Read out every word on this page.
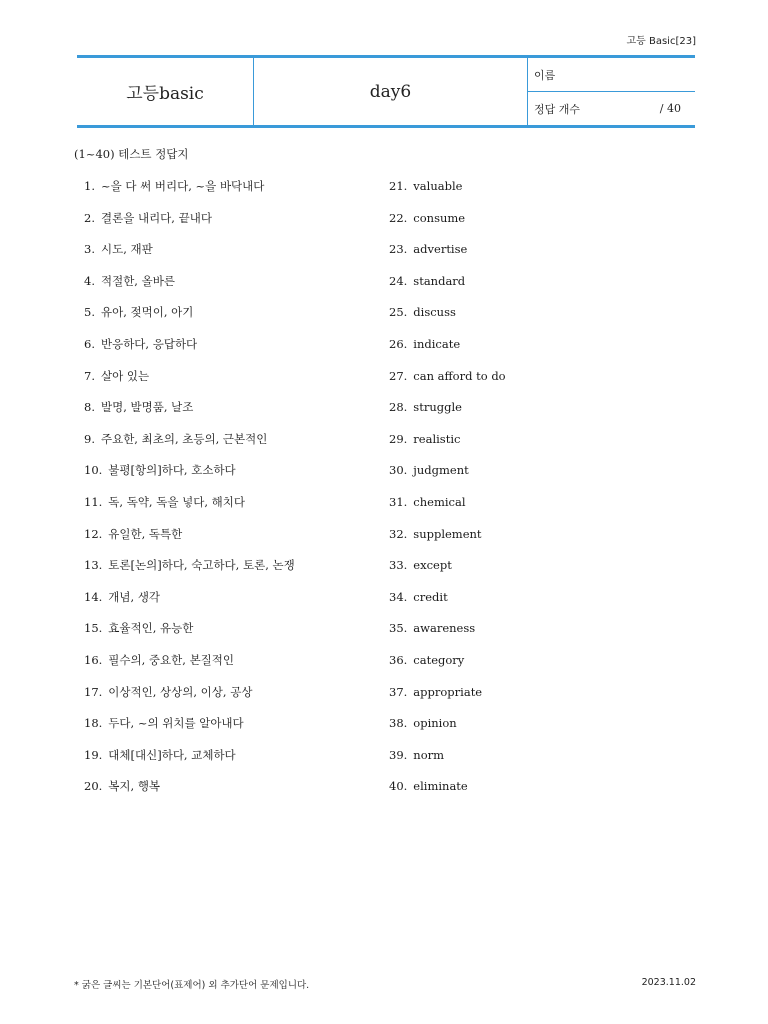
고등 Basic[23]
고등basic	day6
이름
정답 개수	/ 40
(1~40) 테스트 정답지
1. ~을 다 써 버리다, ~을 바닥내다
2. 결론을 내리다, 끝내다
3. 시도, 재판
4. 적절한, 올바른
5. 유아, 젖먹이, 아기
6. 반응하다, 응답하다
7. 살아 있는
8. 발명, 발명품, 날조
9. 주요한, 최초의, 초등의, 근본적인
10. 불평[항의]하다, 호소하다
11. 독, 독약, 독을 넣다, 해치다
12. 유일한, 독특한
13. 토론[논의]하다, 숙고하다, 토론, 논쟁
14. 개념, 생각
15. 효율적인, 유능한
16. 필수의, 중요한, 본질적인
17. 이상적인, 상상의, 이상, 공상
18. 두다, ~의 위치를 알아내다
19. 대체[대신]하다, 교체하다
20. 복지, 행복
21. valuable
22. consume
23. advertise
24. standard
25. discuss
26. indicate
27. can afford to do
28. struggle
29. realistic
30. judgment
31. chemical
32. supplement
33. except
34. credit
35. awareness
36. category
37. appropriate
38. opinion
39. norm
40. eliminate
* 굵은 글씨는 기본단어(표제어) 외 추가단어 문제입니다.	2023.11.02
